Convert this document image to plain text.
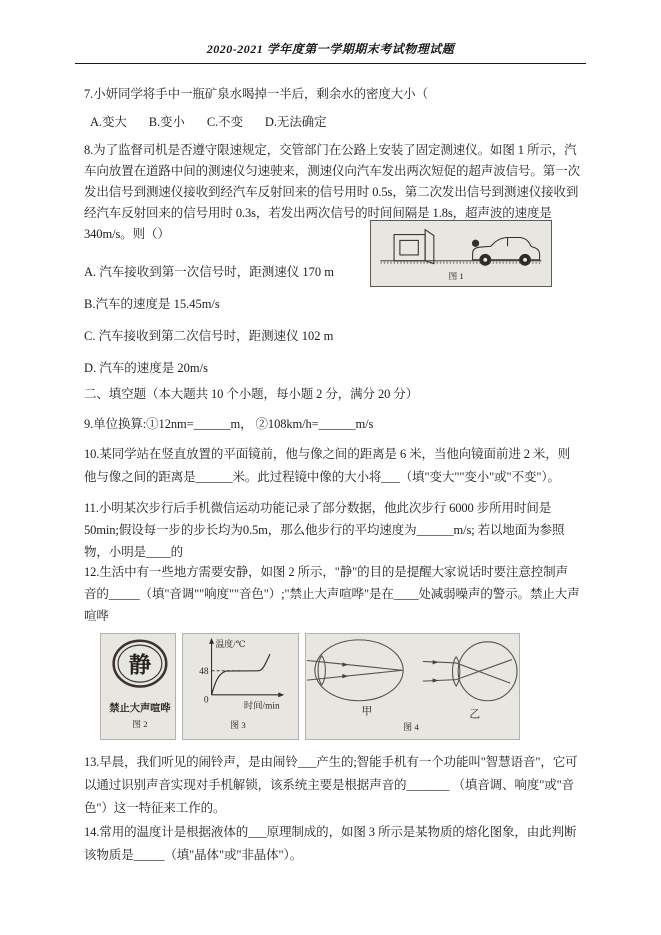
2020-2021 学年度第一学期期末考试物理试题
7.小妍同学将手中一瓶矿泉水喝掉一半后，剩余水的密度大小（
A.变大 B.变小 C.不变 D.无法确定
8.为了监督司机是否遵守限速规定，交管部门在公路上安装了固定测速仪。如图 1 所示，汽
车向放置在道路中间的测速仪匀速驶来，测速仪向汽车发出两次短促的超声波信号。第一次
发出信号到测速仪接收到经汽车反射回来的信号用时 0.5s，第二次发出信号到测速仪接收到
经汽车反射回来的信号用时 0.3s，若发出两次信号的时间间隔是 1.8s，超声波的速度是
340m/s。则（）
图 1
A. 汽车接收到第一次信号时，距测速仪 170 m
B.汽车的速度是 15.45m/s
C. 汽车接收到第二次信号时，距测速仪 102 m
D. 汽车的速度是 20m/s
二、填空题（本大题共 10 个小题，每小题 2 分，满分 20 分）
9.单位换算:①12nm=______m， ②108km/h=______m/s
10.某同学站在竖直放置的平面镜前，他与像之间的距离是 6 米，当他向镜面前进 2 米，则
他与像之间的距离是______米。此过程镜中像的大小将___（填"变大""变小"或"不变"）。
11.小明某次步行后手机微信运动功能记录了部分数据，他此次步行 6000 步所用时间是
50min;假设每一步的步长均为0.5m，那么他步行的平均速度为______m/s; 若以地面为参照
物，小明是____的
12.生活中有一些地方需要安静，如图 2 所示，"静"的目的是提醒大家说话时要注意控制声
音的_____（填"音调""响度""音色"）;"禁止大声喧哗"是在____处减弱噪声的警示。禁止大声
喧哗
静
禁止大声喧哗
图 2
温度/℃
48
0
时间/min
图 3
甲	乙
图 4
13.早晨，我们听见的闹铃声，是由闹铃___产生的;智能手机有一个功能叫"智慧语音"，它可
以通过识别声音实现对手机解锁，该系统主要是根据声音的_______ （填音调、响度"或"音
色"）这一特征来工作的。
14.常用的温度计是根据液体的___原理制成的，如图 3 所示是某物质的熔化图象，由此判断
该物质是_____（填"晶体"或"非晶体"）。
